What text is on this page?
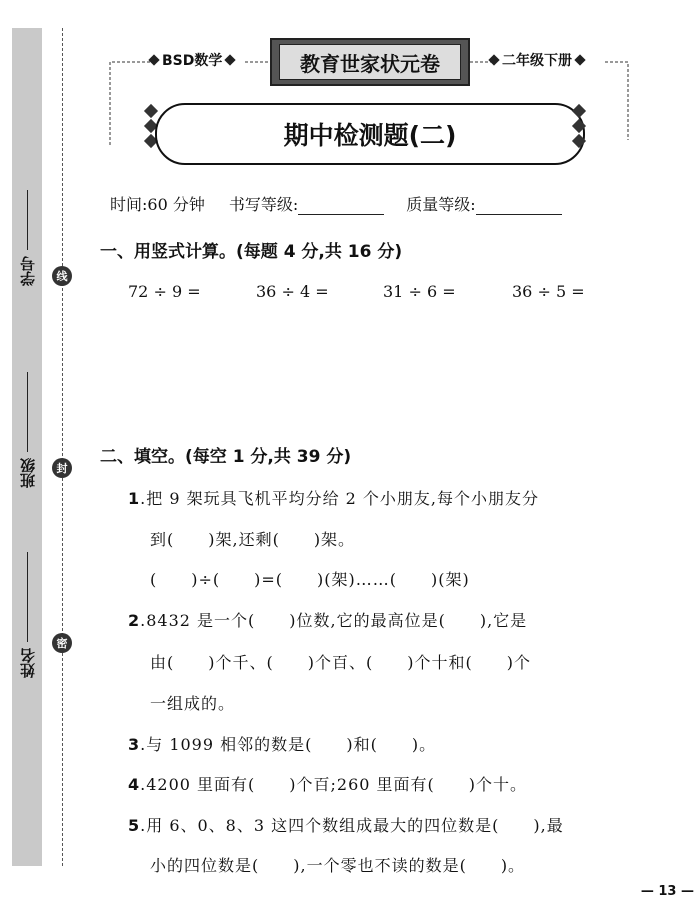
学号
班级
姓名
线
封
密
BSD数学	教育世家状元卷	二年级下册
期中检测题(二)
时间:60 分钟 书写等级:	质量等级:
一、用竖式计算。(每题 4 分,共 16 分)
72 ÷ 9 =	36 ÷ 4 =	31 ÷ 6 =	36 ÷ 5 =
二、填空。(每空 1 分,共 39 分)
1.把 9 架玩具飞机平均分给 2 个小朋友,每个小朋友分
到(　　)架,还剩(　　)架。
(　　)÷(　　)=(　　)(架)……(　　)(架)
2.8432 是一个(　　)位数,它的最高位是(　　),它是
由(　　)个千、(　　)个百、(　　)个十和(　　)个
一组成的。
3.与 1099 相邻的数是(　　)和(　　)。
4.4200 里面有(　　)个百;260 里面有(　　)个十。
5.用 6、0、8、3 这四个数组成最大的四位数是(　　),最
小的四位数是(　　),一个零也不读的数是(　　)。
— 13 —
